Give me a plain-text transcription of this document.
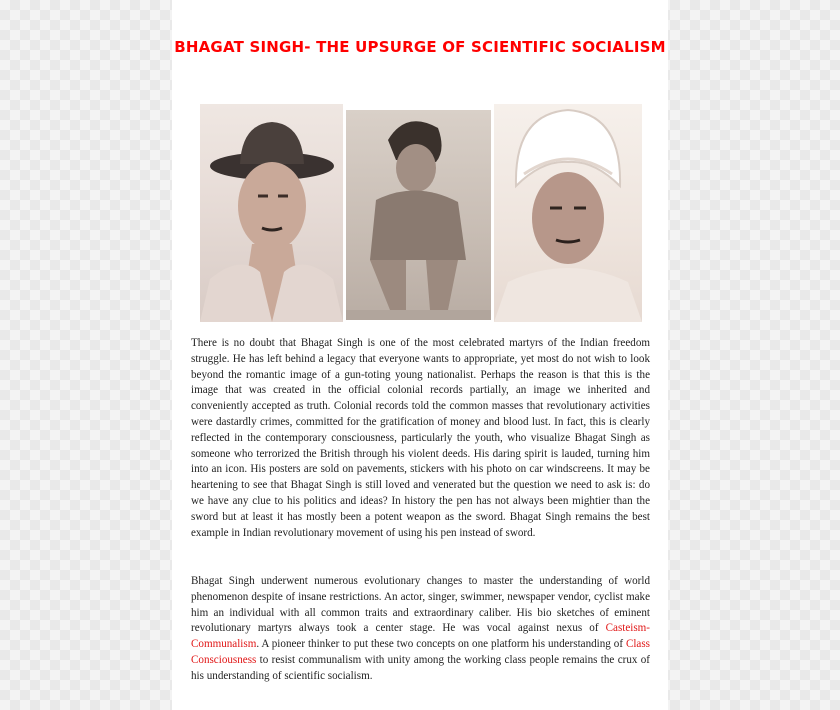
BHAGAT SINGH- THE UPSURGE OF SCIENTIFIC SOCIALISM
There is no doubt that Bhagat Singh is one of the most celebrated martyrs of the Indian freedom struggle. He has left behind a legacy that everyone wants to appropriate, yet most do not wish to look beyond the romantic image of a gun-toting young nationalist. Perhaps the reason is that this is the image that was created in the official colonial records partially, an image we inherited and conveniently accepted as truth. Colonial records told the common masses that revolutionary activities were dastardly crimes, committed for the gratification of money and blood lust. In fact, this is clearly reflected in the contemporary consciousness, particularly the youth, who visualize Bhagat Singh as someone who terrorized the British through his violent deeds. His daring spirit is lauded, turning him into an icon. His posters are sold on pavements, stickers with his photo on car windscreens. It may be heartening to see that Bhagat Singh is still loved and venerated but the question we need to ask is: do we have any clue to his politics and ideas? In history the pen has not always been mightier than the sword but at least it has mostly been a potent weapon as the sword. Bhagat Singh remains the best example in Indian revolutionary movement of using his pen instead of sword.
Bhagat Singh underwent numerous evolutionary changes to master the understanding of world phenomenon despite of insane restrictions. An actor, singer, swimmer, newspaper vendor, cyclist make him an individual with all common traits and extraordinary caliber. His bio sketches of eminent revolutionary martyrs always took a center stage. He was vocal against nexus of Casteism-Communalism. A pioneer thinker to put these two concepts on one platform his understanding of Class Consciousness to resist communalism with unity among the working class people remains the crux of his understanding of scientific socialism.
